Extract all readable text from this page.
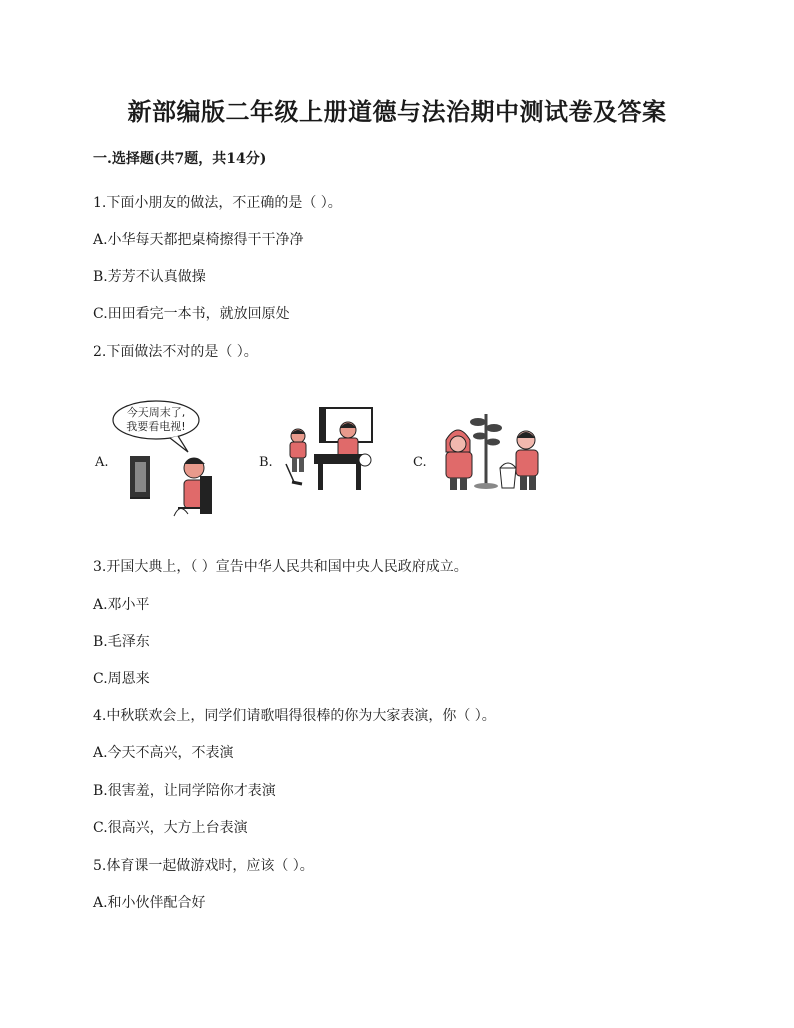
新部编版二年级上册道德与法治期中测试卷及答案
一.选择题(共7题，共14分)
1.下面小朋友的做法，不正确的是（ ）。
A.小华每天都把桌椅擦得干干净净
B.芳芳不认真做操
C.田田看完一本书，就放回原处
2.下面做法不对的是（ ）。
A.	B.	C.
今天周末了,
我要看电视!
3.开国大典上，（ ）宣告中华人民共和国中央人民政府成立。
A.邓小平
B.毛泽东
C.周恩来
4.中秋联欢会上，同学们请歌唱得很棒的你为大家表演，你（ ）。
A.今天不高兴，不表演
B.很害羞，让同学陪你才表演
C.很高兴，大方上台表演
5.体育课一起做游戏时，应该（ ）。
A.和小伙伴配合好
